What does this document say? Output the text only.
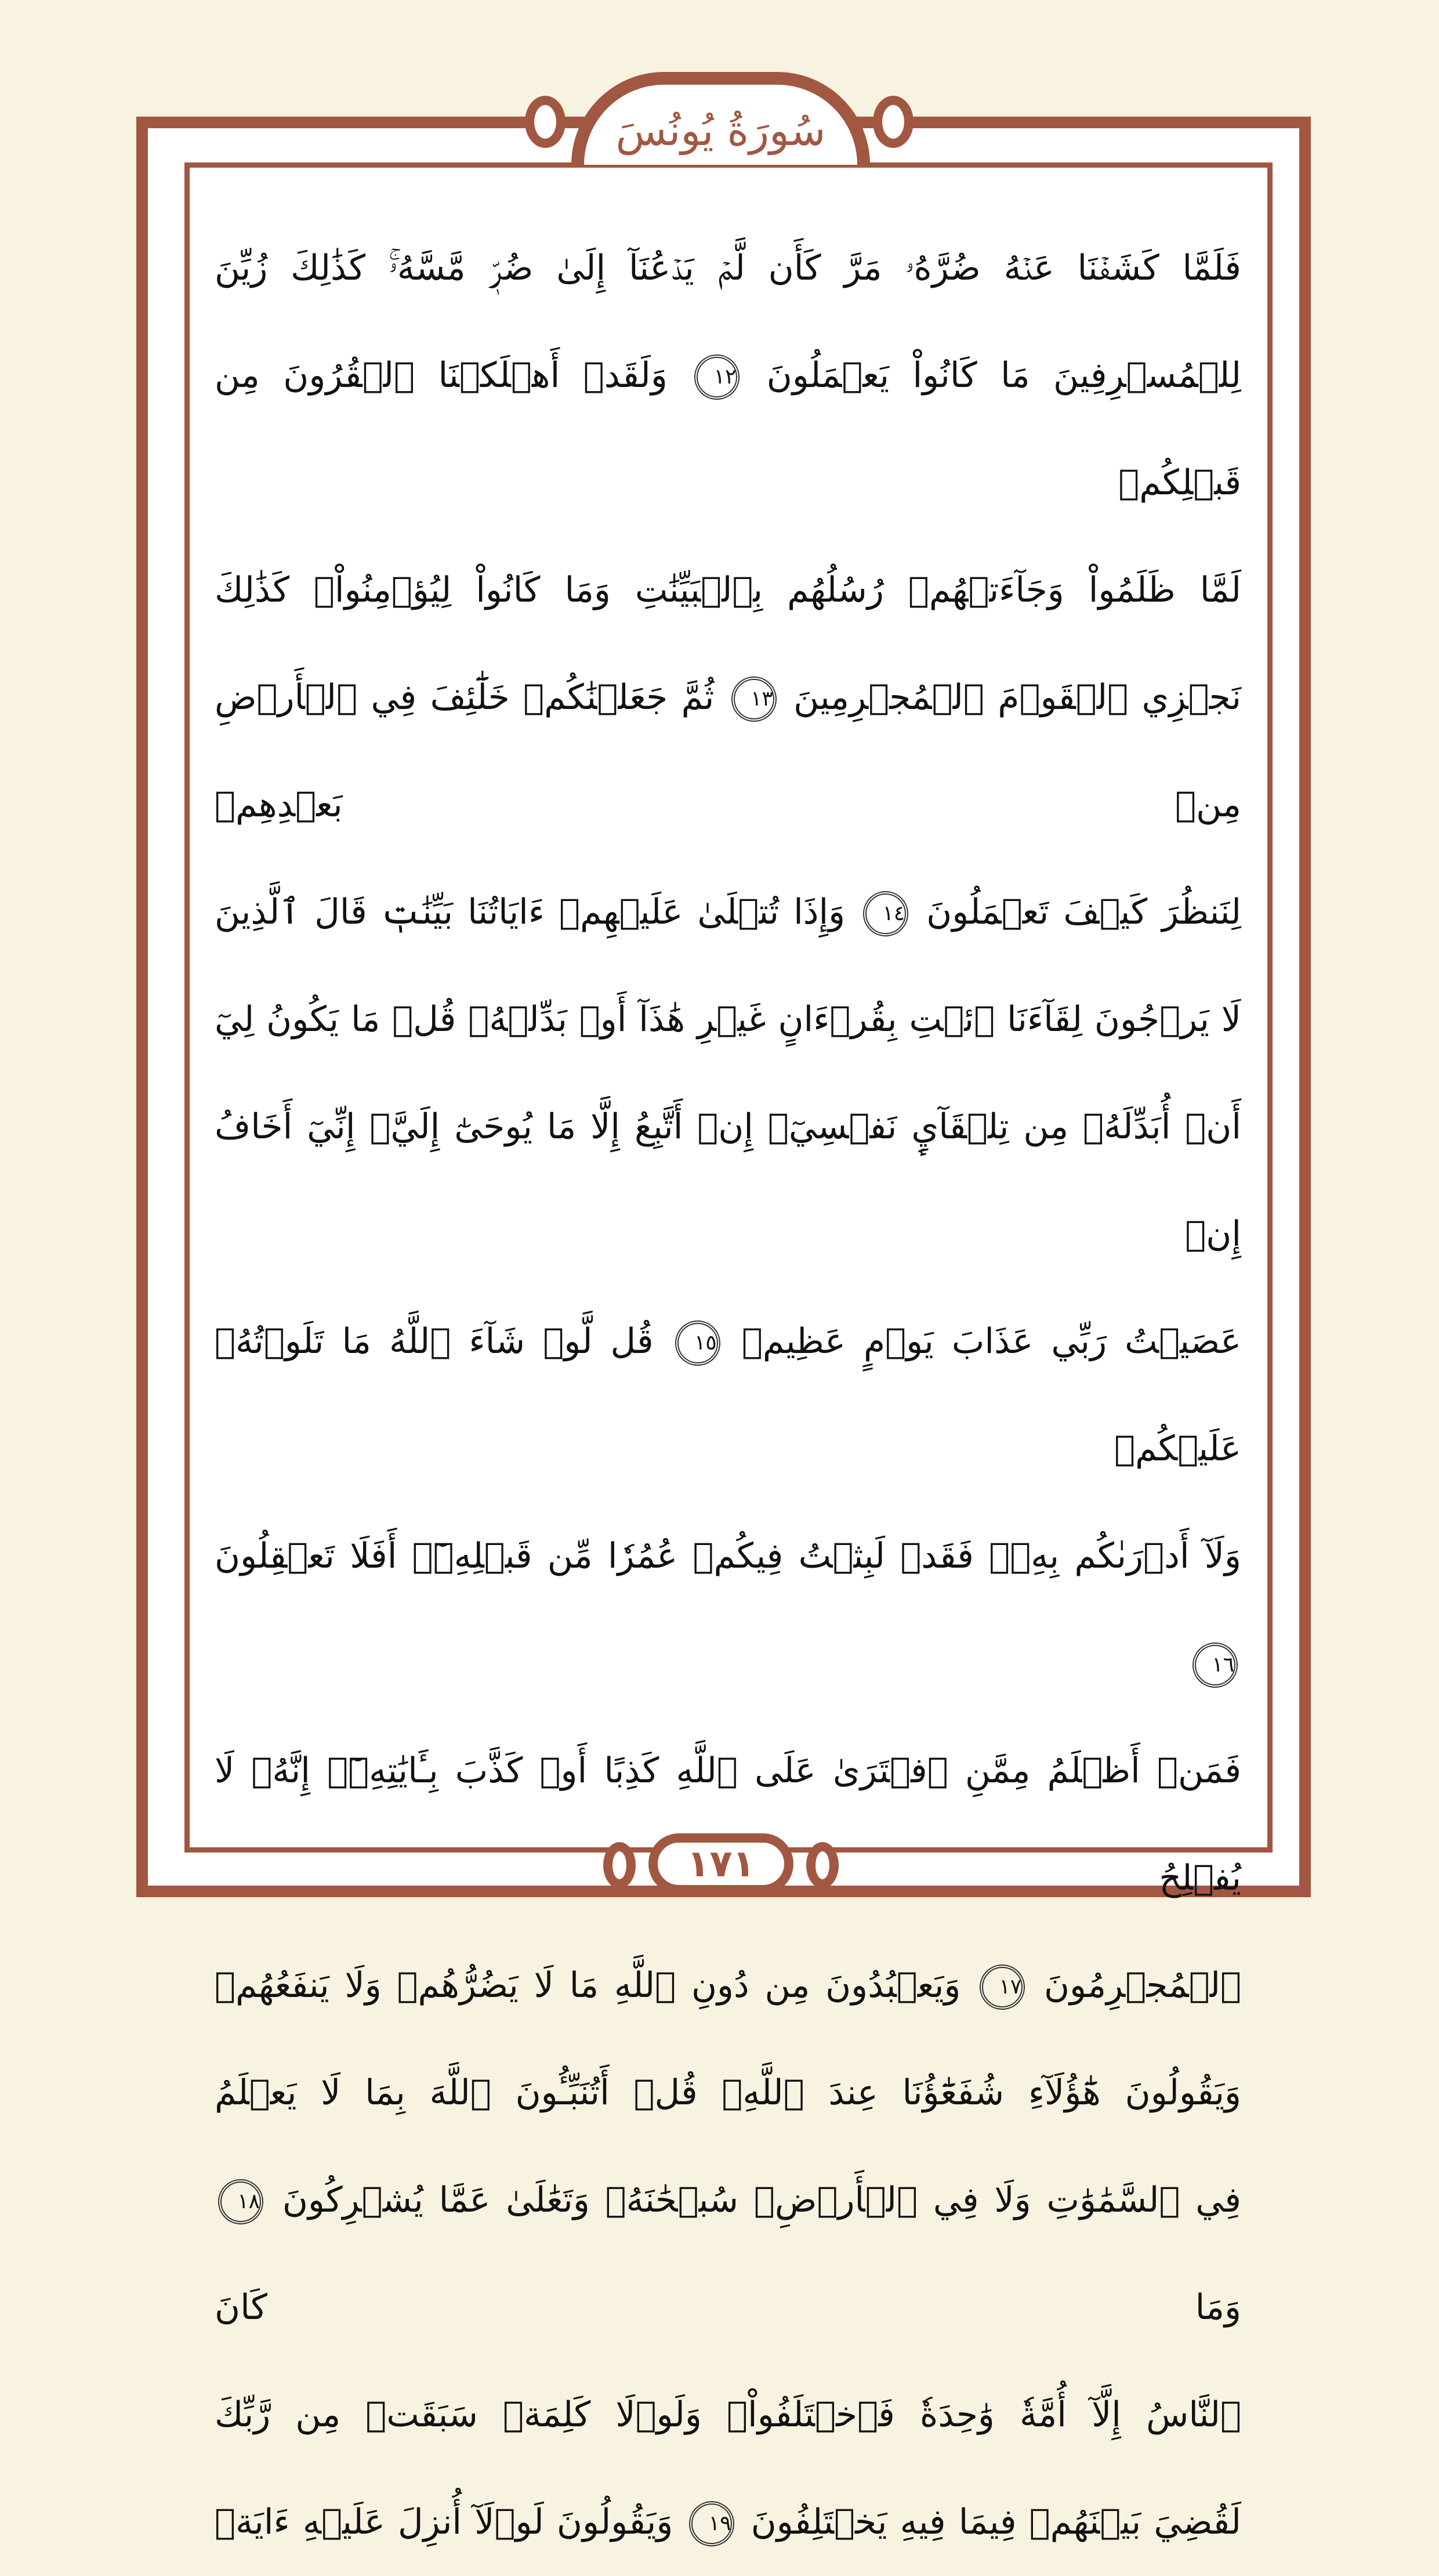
سُورَةُ يُونُسَ
فَلَمَّا كَشَفۡنَا عَنۡهُ ضُرَّهُۥ مَرَّ كَأَن لَّمۡ يَدۡعُنَآ إِلَىٰ ضُرّٖ مَّسَّهُۥۚ كَذَٰلِكَ زُيِّنَ
لِلۡمُسۡرِفِينَ مَا كَانُواْ يَعۡمَلُونَ ١٢ وَلَقَدۡ أَهۡلَكۡنَا ٱلۡقُرُونَ مِن قَبۡلِكُمۡ
لَمَّا ظَلَمُواْ وَجَآءَتۡهُمۡ رُسُلُهُم بِٱلۡبَيِّنَٰتِ وَمَا كَانُواْ لِيُؤۡمِنُواْۚ كَذَٰلِكَ
نَجۡزِي ٱلۡقَوۡمَ ٱلۡمُجۡرِمِينَ ١٣ ثُمَّ جَعَلۡنَٰكُمۡ خَلَٰٓئِفَ فِي ٱلۡأَرۡضِ مِنۢ بَعۡدِهِمۡ
لِنَنظُرَ كَيۡفَ تَعۡمَلُونَ ١٤ وَإِذَا تُتۡلَىٰ عَلَيۡهِمۡ ءَايَاتُنَا بَيِّنَٰتٖ قَالَ ٱلَّذِينَ
لَا يَرۡجُونَ لِقَآءَنَا ٱئۡتِ بِقُرۡءَانٍ غَيۡرِ هَٰذَآ أَوۡ بَدِّلۡهُۚ قُلۡ مَا يَكُونُ لِيٓ
أَنۡ أُبَدِّلَهُۥ مِن تِلۡقَآيِٕ نَفۡسِيٓۖ إِنۡ أَتَّبِعُ إِلَّا مَا يُوحَىٰٓ إِلَيَّۖ إِنِّيٓ أَخَافُ إِنۡ
عَصَيۡتُ رَبِّي عَذَابَ يَوۡمٍ عَظِيمٖ ١٥ قُل لَّوۡ شَآءَ ٱللَّهُ مَا تَلَوۡتُهُۥ عَلَيۡكُمۡ
وَلَآ أَدۡرَىٰكُم بِهِۦۖ فَقَدۡ لَبِثۡتُ فِيكُمۡ عُمُرٗا مِّن قَبۡلِهِۦٓۚ أَفَلَا تَعۡقِلُونَ ١٦
فَمَنۡ أَظۡلَمُ مِمَّنِ ٱفۡتَرَىٰ عَلَى ٱللَّهِ كَذِبًا أَوۡ كَذَّبَ بِـَٔايَٰتِهِۦٓۚ إِنَّهُۥ لَا يُفۡلِحُ
ٱلۡمُجۡرِمُونَ ١٧ وَيَعۡبُدُونَ مِن دُونِ ٱللَّهِ مَا لَا يَضُرُّهُمۡ وَلَا يَنفَعُهُمۡ
وَيَقُولُونَ هَٰٓؤُلَآءِ شُفَعَٰٓؤُنَا عِندَ ٱللَّهِۚ قُلۡ أَتُنَبِّـُٔونَ ٱللَّهَ بِمَا لَا يَعۡلَمُ
فِي ٱلسَّمَٰوَٰتِ وَلَا فِي ٱلۡأَرۡضِۚ سُبۡحَٰنَهُۥ وَتَعَٰلَىٰ عَمَّا يُشۡرِكُونَ ١٨ وَمَا كَانَ
ٱلنَّاسُ إِلَّآ أُمَّةٗ وَٰحِدَةٗ فَٱخۡتَلَفُواْۚ وَلَوۡلَا كَلِمَةٞ سَبَقَتۡ مِن رَّبِّكَ
لَقُضِيَ بَيۡنَهُمۡ فِيمَا فِيهِ يَخۡتَلِفُونَ ١٩ وَيَقُولُونَ لَوۡلَآ أُنزِلَ عَلَيۡهِ ءَايَةٞ
١٧١
